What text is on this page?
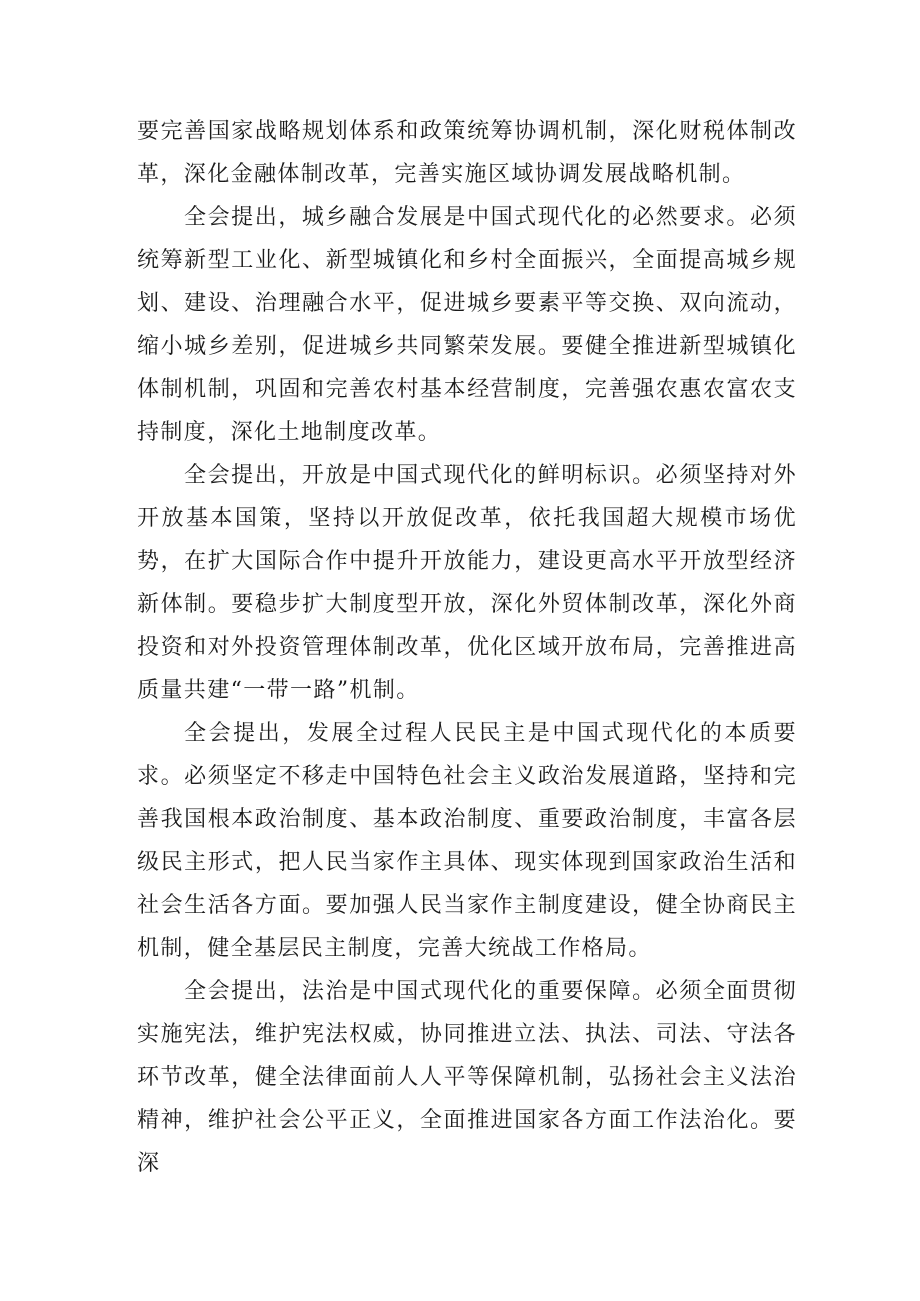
要完善国家战略规划体系和政策统筹协调机制，深化财税体制改革，深化金融体制改革，完善实施区域协调发展战略机制。

全会提出，城乡融合发展是中国式现代化的必然要求。必须统筹新型工业化、新型城镇化和乡村全面振兴，全面提高城乡规划、建设、治理融合水平，促进城乡要素平等交换、双向流动，缩小城乡差别，促进城乡共同繁荣发展。要健全推进新型城镇化体制机制，巩固和完善农村基本经营制度，完善强农惠农富农支持制度，深化土地制度改革。

全会提出，开放是中国式现代化的鲜明标识。必须坚持对外开放基本国策，坚持以开放促改革，依托我国超大规模市场优势，在扩大国际合作中提升开放能力，建设更高水平开放型经济新体制。要稳步扩大制度型开放，深化外贸体制改革，深化外商投资和对外投资管理体制改革，优化区域开放布局，完善推进高质量共建“一带一路”机制。

全会提出，发展全过程人民民主是中国式现代化的本质要求。必须坚定不移走中国特色社会主义政治发展道路，坚持和完善我国根本政治制度、基本政治制度、重要政治制度，丰富各层级民主形式，把人民当家作主具体、现实体现到国家政治生活和社会生活各方面。要加强人民当家作主制度建设，健全协商民主机制，健全基层民主制度，完善大统战工作格局。

全会提出，法治是中国式现代化的重要保障。必须全面贯彻实施宪法，维护宪法权威，协同推进立法、执法、司法、守法各环节改革，健全法律面前人人平等保障机制，弘扬社会主义法治精神，维护社会公平正义，全面推进国家各方面工作法治化。要深
